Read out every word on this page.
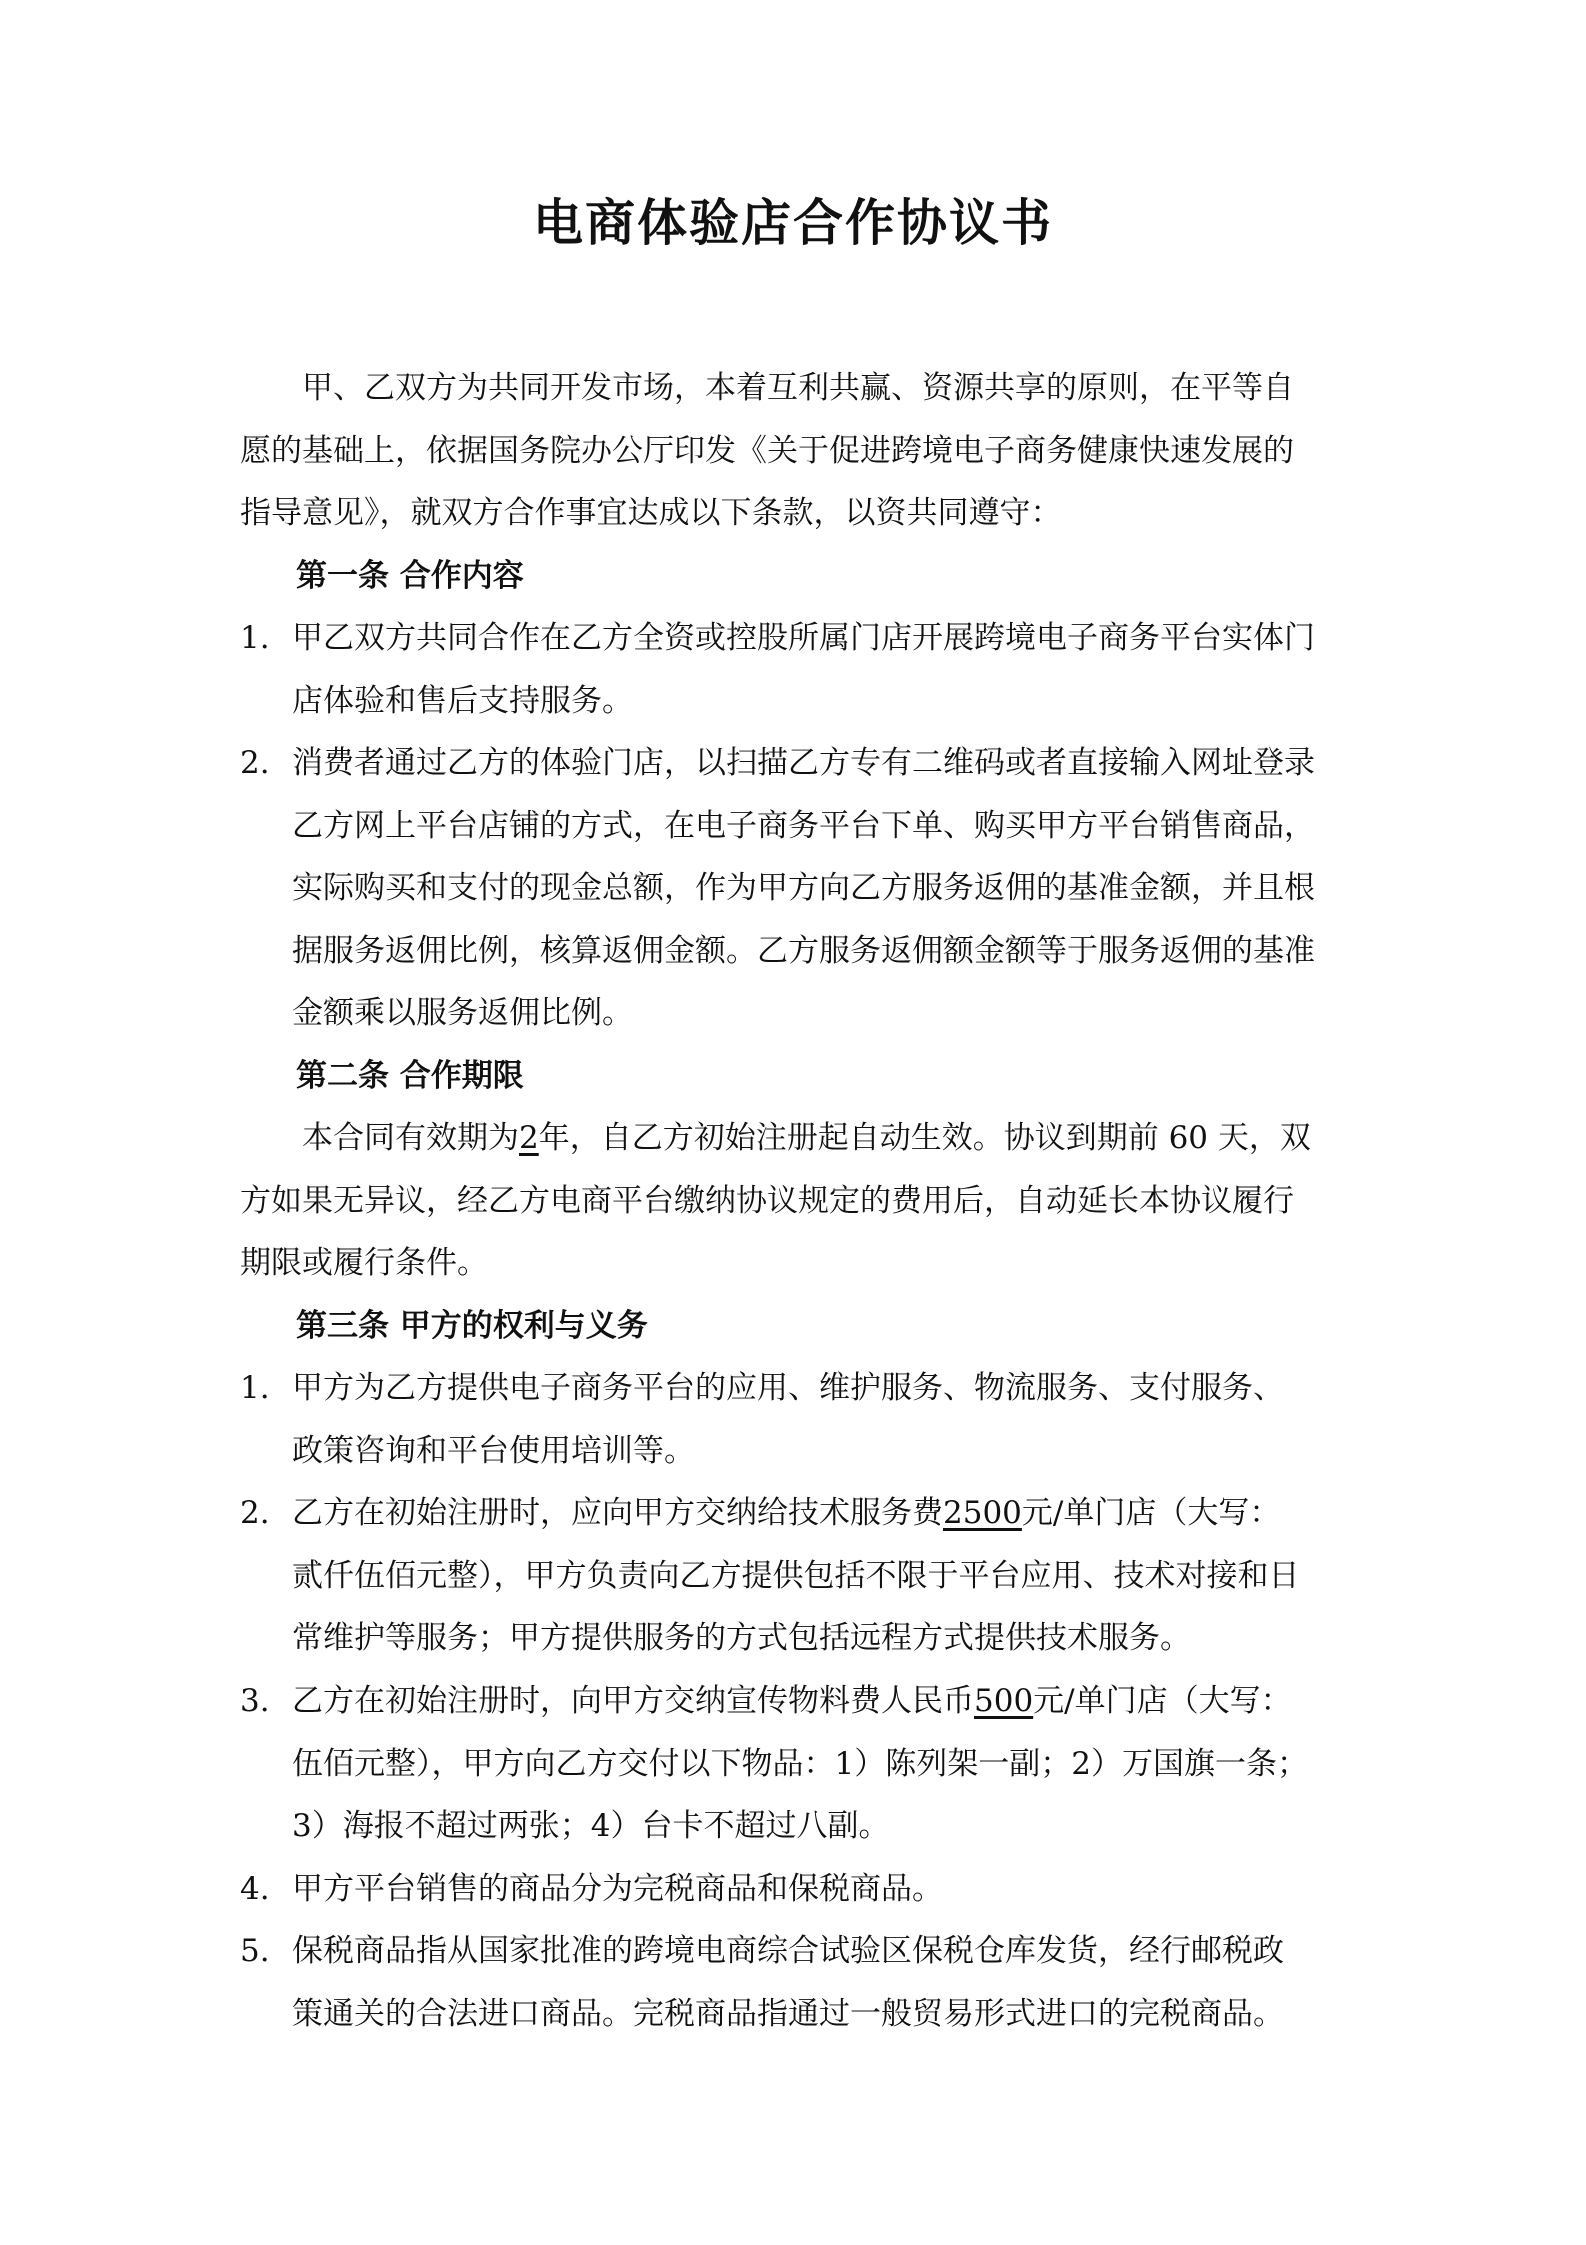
电商体验店合作协议书
甲、乙双方为共同开发市场，本着互利共赢、资源共享的原则，在平等自
愿的基础上，依据国务院办公厅印发《关于促进跨境电子商务健康快速发展的
指导意见》，就双方合作事宜达成以下条款，以资共同遵守：
第一条 合作内容
1. 甲乙双方共同合作在乙方全资或控股所属门店开展跨境电子商务平台实体门
店体验和售后支持服务。
2. 消费者通过乙方的体验门店，以扫描乙方专有二维码或者直接输入网址登录
乙方网上平台店铺的方式，在电子商务平台下单、购买甲方平台销售商品，
实际购买和支付的现金总额，作为甲方向乙方服务返佣的基准金额，并且根
据服务返佣比例，核算返佣金额。乙方服务返佣额金额等于服务返佣的基准
金额乘以服务返佣比例。
第二条 合作期限
本合同有效期为2年，自乙方初始注册起自动生效。协议到期前 60 天，双
方如果无异议，经乙方电商平台缴纳协议规定的费用后，自动延长本协议履行
期限或履行条件。
第三条 甲方的权利与义务
1. 甲方为乙方提供电子商务平台的应用、维护服务、物流服务、支付服务、
政策咨询和平台使用培训等。
2. 乙方在初始注册时，应向甲方交纳给技术服务费2500元/单门店（大写：
贰仟伍佰元整），甲方负责向乙方提供包括不限于平台应用、技术对接和日
常维护等服务；甲方提供服务的方式包括远程方式提供技术服务。
3. 乙方在初始注册时，向甲方交纳宣传物料费人民币500元/单门店（大写：
伍佰元整），甲方向乙方交付以下物品：1）陈列架一副；2）万国旗一条；
3）海报不超过两张；4）台卡不超过八副。
4. 甲方平台销售的商品分为完税商品和保税商品。
5. 保税商品指从国家批准的跨境电商综合试验区保税仓库发货，经行邮税政
策通关的合法进口商品。完税商品指通过一般贸易形式进口的完税商品。
